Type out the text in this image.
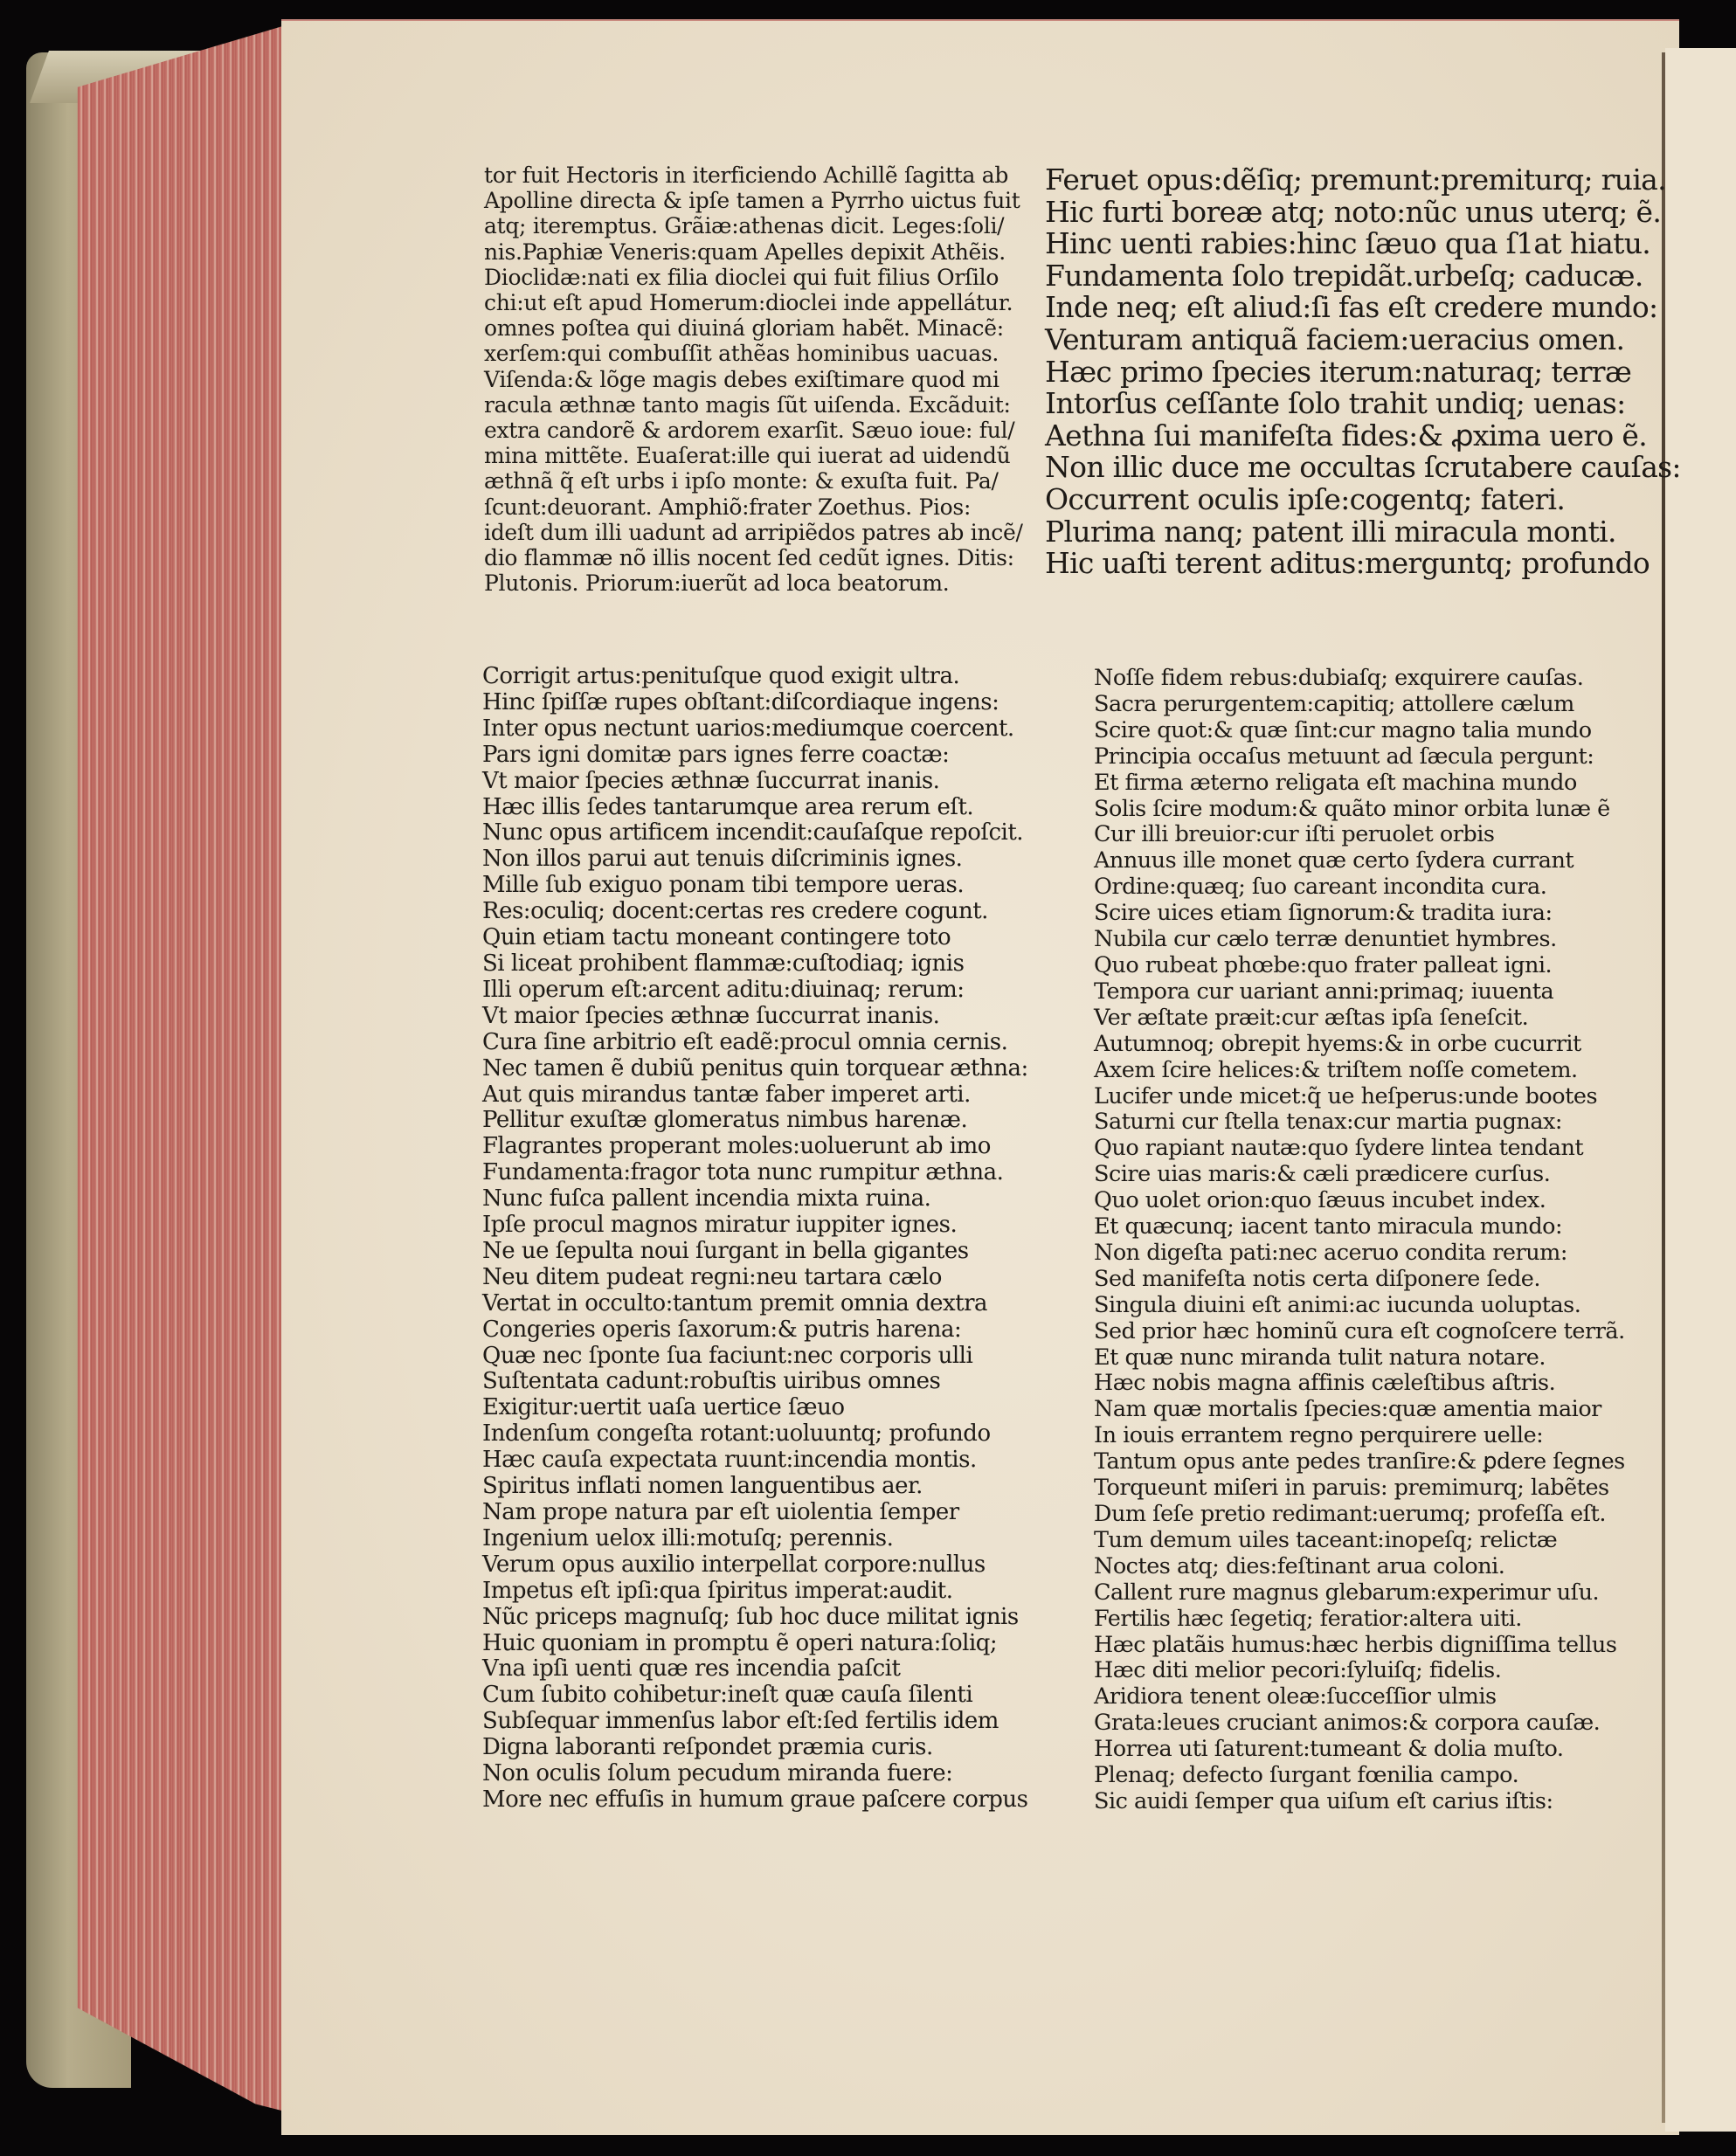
tor fuit Hectoris in iterficiendo Achillẽ ſagitta ab
Apolline directa & ipſe tamen a Pyrrho uictus fuit
atq; iteremptus. Grãiæ:athenas dicit. Leges:ſoli/
nis.Paphiæ Veneris:quam Apelles depixit Athẽis.
Dioclidæ:nati ex filia dioclei qui fuit filius Orſilo
chi:ut eſt apud Homerum:dioclei inde appellátur.
omnes poſtea qui diuiná gloriam habẽt. Minacẽ:
xerſem:qui combuſſit athẽas hominibus uacuas.
Viſenda:& lõge magis debes exiſtimare quod mi
racula æthnæ tanto magis ſũt uiſenda. Excãduit:
extra candorẽ & ardorem exarſit. Sæuo ioue: ful/
mina mittẽte. Euaſerat:ille qui iuerat ad uidendũ
æthnã q̃ eſt urbs i ipſo monte: & exuſta fuit. Pa/
ſcunt:deuorant. Amphiõ:frater Zoethus. Pios:
ideſt dum illi uadunt ad arripiẽdos patres ab incẽ/
dio flammæ nõ illis nocent ſed cedũt ignes. Ditis:
Plutonis. Priorum:iuerũt ad loca beatorum.
Feruet opus:dẽſiq; premunt:premiturq; ruia.
Hic furti boreæ atq; noto:nũc unus uterq; ẽ.
Hinc uenti rabies:hinc ſæuo qua ſ1at hiatu.
Fundamenta ſolo trepidãt.urbeſq; caducæ.
Inde neq; eſt aliud:ſi fas eſt credere mundo:
Venturam antiquã faciem:ueracius omen.
Hæc primo ſpecies iterum:naturaq; terræ
Intorſus ceſſante ſolo trahit undiq; uenas:
Aethna ſui manifeſta fides:& ꝓxima uero ẽ.
Non illic duce me occultas ſcrutabere cauſas:
Occurrent oculis ipſe:cogentq; fateri.
Plurima nanq; patent illi miracula monti.
Hic uaſti terent aditus:merguntq; profundo
Corrigit artus:penituſque quod exigit ultra.
Hinc ſpiſſæ rupes obſtant:diſcordiaque ingens:
Inter opus nectunt uarios:mediumque coercent.
Pars igni domitæ pars ignes ferre coactæ:
Vt maior ſpecies æthnæ ſuccurrat inanis.
Hæc illis ſedes tantarumque area rerum eſt.
Nunc opus artificem incendit:cauſaſque repoſcit.
Non illos parui aut tenuis diſcriminis ignes.
Mille ſub exiguo ponam tibi tempore ueras.
Res:oculiq; docent:certas res credere cogunt.
Quin etiam tactu moneant contingere toto
Si liceat prohibent flammæ:cuſtodiaq; ignis
Illi operum eſt:arcent aditu:diuinaq; rerum:
Vt maior ſpecies æthnæ ſuccurrat inanis.
Cura ſine arbitrio eſt eadẽ:procul omnia cernis.
Nec tamen ẽ dubiũ penitus quin torquear æthna:
Aut quis mirandus tantæ faber imperet arti.
Pellitur exuſtæ glomeratus nimbus harenæ.
Flagrantes properant moles:uoluerunt ab imo
Fundamenta:fragor tota nunc rumpitur æthna.
Nunc fuſca pallent incendia mixta ruina.
Ipſe procul magnos miratur iuppiter ignes.
Ne ue ſepulta noui ſurgant in bella gigantes
Neu ditem pudeat regni:neu tartara cælo
Vertat in occulto:tantum premit omnia dextra
Congeries operis ſaxorum:& putris harena:
Quæ nec ſponte ſua faciunt:nec corporis ulli
Suſtentata cadunt:robuſtis uiribus omnes
Exigitur:uertit uaſa uertice ſæuo
Indenſum congeſta rotant:uoluuntq; profundo
Hæc cauſa expectata ruunt:incendia montis.
Spiritus inflati nomen languentibus aer.
Nam prope natura par eſt uiolentia ſemper
Ingenium uelox illi:motuſq; perennis.
Verum opus auxilio interpellat corpore:nullus
Impetus eſt ipſi:qua ſpiritus imperat:audit.
Nũc priceps magnuſq; ſub hoc duce militat ignis
Huic quoniam in promptu ẽ operi natura:ſoliq;
Vna ipſi uenti quæ res incendia paſcit
Cum ſubito cohibetur:ineſt quæ cauſa ſilenti
Subſequar immenſus labor eſt:ſed fertilis idem
Digna laboranti reſpondet præmia curis.
Non oculis ſolum pecudum miranda fuere:
More nec effuſis in humum graue paſcere corpus
Noſſe fidem rebus:dubiaſq; exquirere cauſas.
Sacra perurgentem:capitiq; attollere cælum
Scire quot:& quæ ſint:cur magno talia mundo
Principia occaſus metuunt ad ſæcula pergunt:
Et firma æterno religata eſt machina mundo
Solis ſcire modum:& quãto minor orbita lunæ ẽ
Cur illi breuior:cur iſti peruolet orbis
Annuus ille monet quæ certo ſydera currant
Ordine:quæq; ſuo careant incondita cura.
Scire uices etiam ſignorum:& tradita iura:
Nubila cur cælo terræ denuntiet hymbres.
Quo rubeat phœbe:quo frater palleat igni.
Tempora cur uariant anni:primaq; iuuenta
Ver æſtate præit:cur æſtas ipſa ſeneſcit.
Autumnoq; obrepit hyems:& in orbe cucurrit
Axem ſcire helices:& triſtem noſſe cometem.
Lucifer unde micet:q̃ ue heſperus:unde bootes
Saturni cur ſtella tenax:cur martia pugnax:
Quo rapiant nautæ:quo ſydere lintea tendant
Scire uias maris:& cæli prædicere curſus.
Quo uolet orion:quo ſæuus incubet index.
Et quæcunq; iacent tanto miracula mundo:
Non digeſta pati:nec aceruo condita rerum:
Sed manifeſta notis certa diſponere ſede.
Singula diuini eſt animi:ac iucunda uoluptas.
Sed prior hæc hominũ cura eſt cognoſcere terrã.
Et quæ nunc miranda tulit natura notare.
Hæc nobis magna affinis cæleſtibus aſtris.
Nam quæ mortalis ſpecies:quæ amentia maior
In iouis errantem regno perquirere uelle:
Tantum opus ante pedes tranſire:& ꝑdere ſegnes
Torqueunt miſeri in paruis: premimurq; labẽtes
Dum ſeſe pretio redimant:uerumq; profeſſa eſt.
Tum demum uiles taceant:inopeſq; relictæ
Noctes atq; dies:feſtinant arua coloni.
Callent rure magnus glebarum:experimur uſu.
Fertilis hæc ſegetiq; feratior:altera uiti.
Hæc platãis humus:hæc herbis digniſſima tellus
Hæc diti melior pecori:ſyluiſq; fidelis.
Aridiora tenent oleæ:ſucceſſior ulmis
Grata:leues cruciant animos:& corpora cauſæ.
Horrea uti ſaturent:tumeant & dolia muſto.
Plenaq; defecto ſurgant fœnilia campo.
Sic auidi ſemper qua uiſum eſt carius iſtis:
